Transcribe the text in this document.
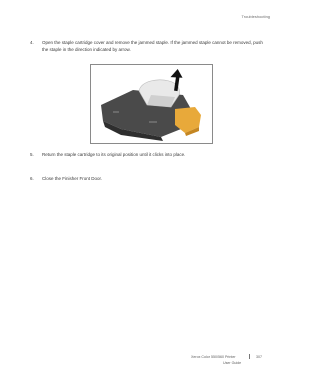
Troubleshooting
4. Open the staple cartridge cover and remove the jammed staple. If the jammed staple cannot be removed, push the staple in the direction indicated by arrow.
5. Return the staple cartridge to its original position until it clicks into place.
6. Close the Finisher Front Door.
Xerox Color 550/560 Printer
User Guide
307
